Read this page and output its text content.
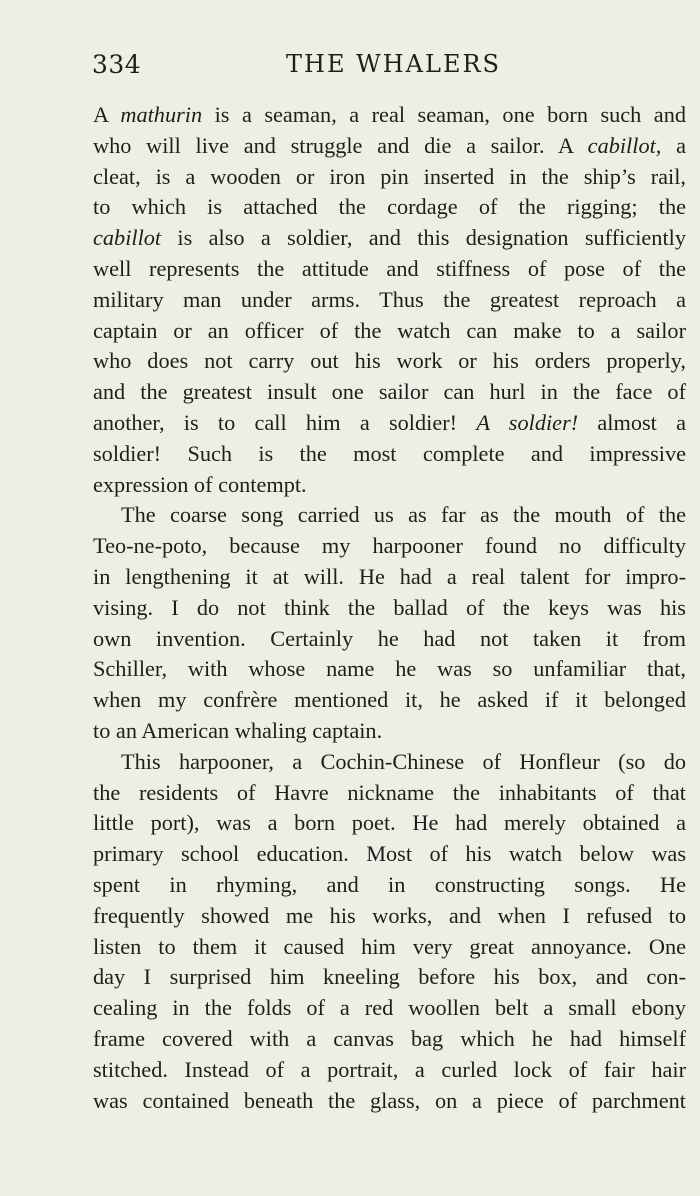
334	THE WHALERS
A mathurin is a seaman, a real seaman, one born such and
who will live and struggle and die a sailor. A cabillot, a
cleat, is a wooden or iron pin inserted in the ship’s rail,
to which is attached the cordage of the rigging; the
cabillot is also a soldier, and this designation sufficiently
well represents the attitude and stiffness of pose of the
military man under arms. Thus the greatest reproach a
captain or an officer of the watch can make to a sailor
who does not carry out his work or his orders properly,
and the greatest insult one sailor can hurl in the face of
another, is to call him a soldier! A soldier! almost a
soldier! Such is the most complete and impressive
expression of contempt.
The coarse song carried us as far as the mouth of the
Teo-ne-poto, because my harpooner found no difficulty
in lengthening it at will. He had a real talent for impro-
vising. I do not think the ballad of the keys was his
own invention. Certainly he had not taken it from
Schiller, with whose name he was so unfamiliar that,
when my confrère mentioned it, he asked if it belonged
to an American whaling captain.
This harpooner, a Cochin-Chinese of Honfleur (so do
the residents of Havre nickname the inhabitants of that
little port), was a born poet. He had merely obtained a
primary school education. Most of his watch below was
spent in rhyming, and in constructing songs. He
frequently showed me his works, and when I refused to
listen to them it caused him very great annoyance. One
day I surprised him kneeling before his box, and con-
cealing in the folds of a red woollen belt a small ebony
frame covered with a canvas bag which he had himself
stitched. Instead of a portrait, a curled lock of fair hair
was contained beneath the glass, on a piece of parchment
